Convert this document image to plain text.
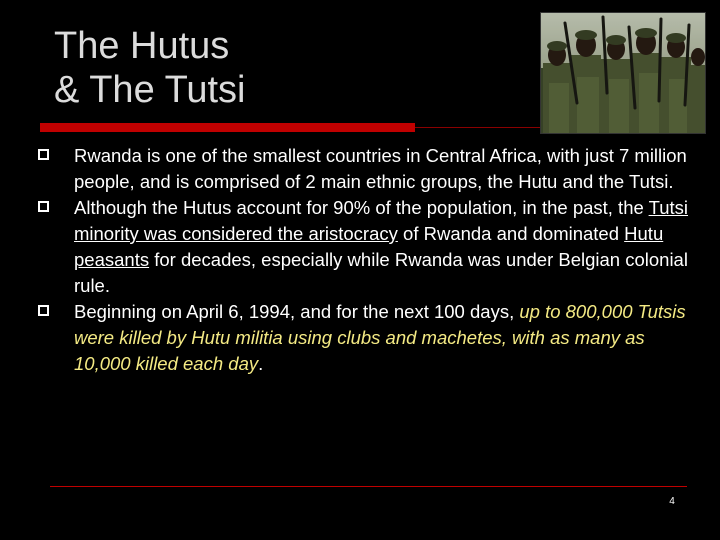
The Hutus
& The Tutsi
Rwanda is one of the smallest countries in Central Africa, with just 7 million people, and is comprised of 2 main ethnic groups, the Hutu and the Tutsi.
Although the Hutus account for 90% of the population, in the past, the Tutsi minority was considered the aristocracy of Rwanda and dominated Hutu peasants for decades, especially while Rwanda was under Belgian colonial rule.
Beginning on April 6, 1994, and for the next 100 days, up to 800,000 Tutsis were killed by Hutu militia using clubs and machetes, with as many as 10,000 killed each day.
4
